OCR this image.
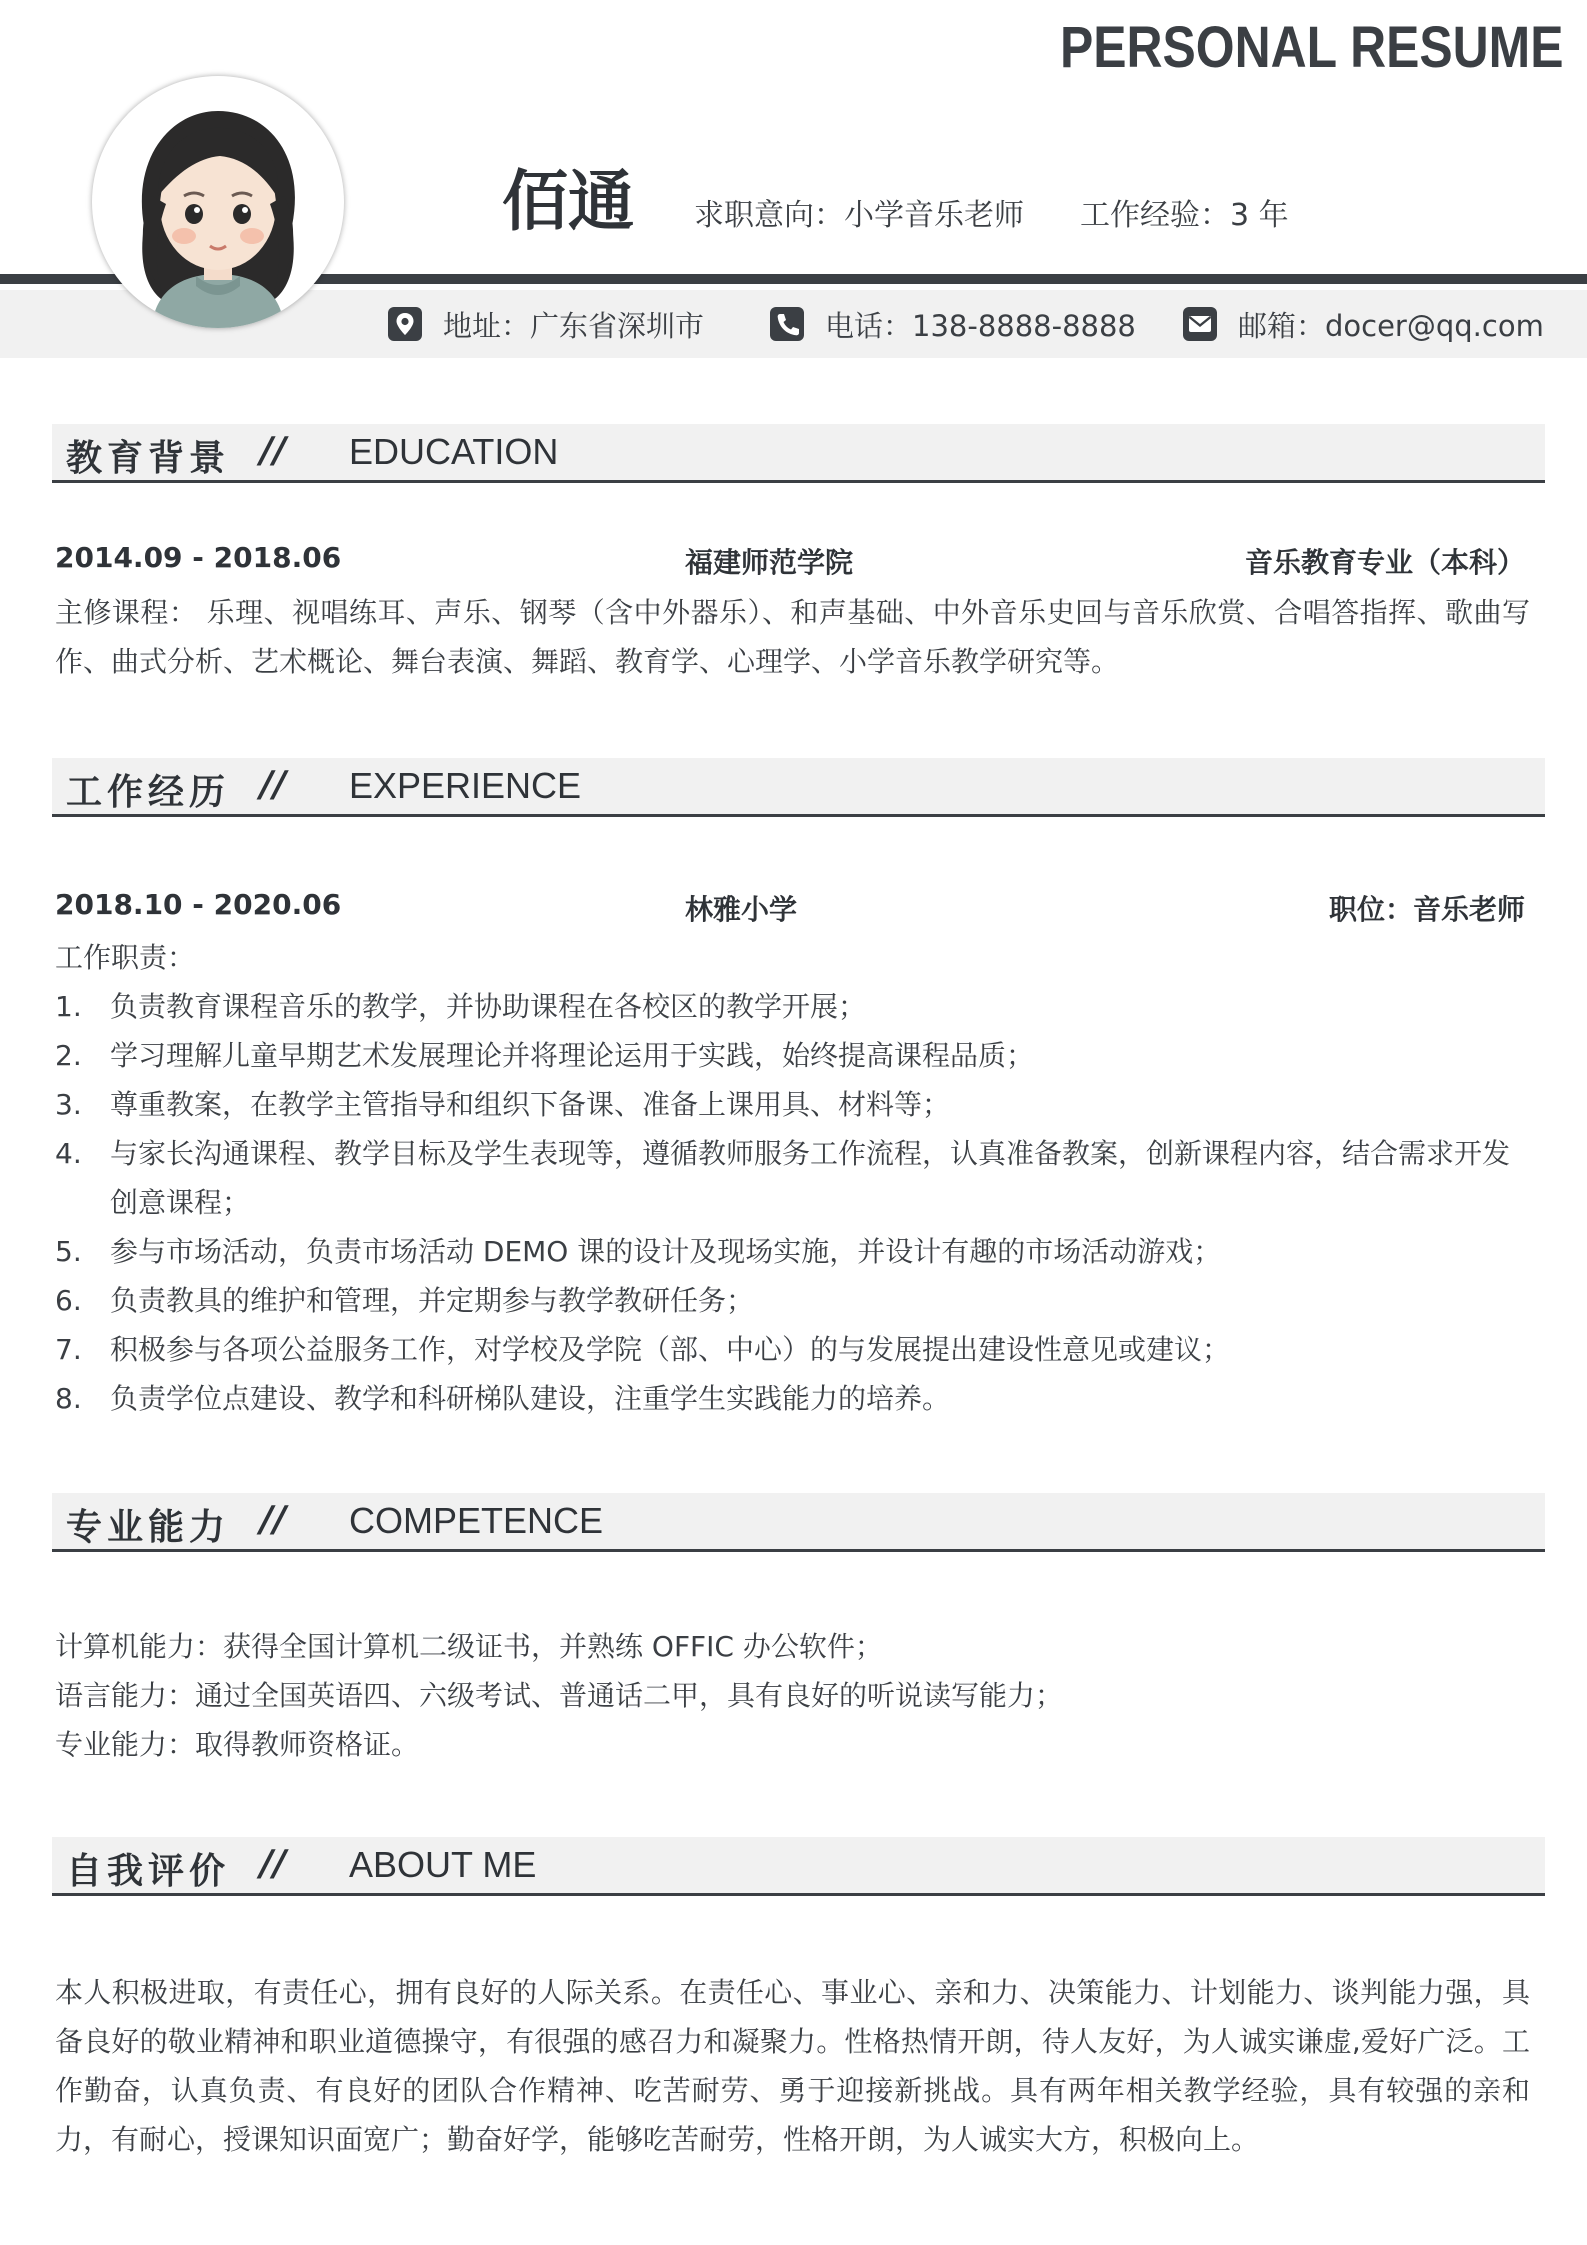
PERSONAL RESUME
佰通 求职意向：小学音乐老师 工作经验：3 年
地址：广东省深圳市	电话：138-8888-8888	邮箱：docer@qq.com
教育背景 // EDUCATION
2014.09 - 2018.06	福建师范学院	音乐教育专业（本科）
主修课程： 乐理、视唱练耳、声乐、钢琴（含中外器乐）、和声基础、中外音乐史回与音乐欣赏、合唱答指挥、歌曲写作、曲式分析、艺术概论、舞台表演、舞蹈、教育学、心理学、小学音乐教学研究等。
工作经历 // EXPERIENCE
2018.10 - 2020.06	林雅小学	职位：音乐老师
工作职责：
1.	负责教育课程音乐的教学，并协助课程在各校区的教学开展；
2.	学习理解儿童早期艺术发展理论并将理论运用于实践，始终提高课程品质；
3.	尊重教案，在教学主管指导和组织下备课、准备上课用具、材料等；
4.	与家长沟通课程、教学目标及学生表现等，遵循教师服务工作流程，认真准备教案，创新课程内容，结合需求开发创意课程；
5.	参与市场活动，负责市场活动 DEMO 课的设计及现场实施，并设计有趣的市场活动游戏；
6.	负责教具的维护和管理，并定期参与教学教研任务；
7.	积极参与各项公益服务工作，对学校及学院（部、中心）的与发展提出建设性意见或建议；
8.	负责学位点建设、教学和科研梯队建设，注重学生实践能力的培养。
专业能力 // COMPETENCE
计算机能力：获得全国计算机二级证书，并熟练 OFFIC 办公软件；
语言能力：通过全国英语四、六级考试、普通话二甲，具有良好的听说读写能力；
专业能力：取得教师资格证。
自我评价 // ABOUT ME
本人积极进取，有责任心，拥有良好的人际关系。在责任心、事业心、亲和力、决策能力、计划能力、谈判能力强，具备良好的敬业精神和职业道德操守，有很强的感召力和凝聚力。性格热情开朗，待人友好，为人诚实谦虚,爱好广泛。工作勤奋，认真负责、有良好的团队合作精神、吃苦耐劳、勇于迎接新挑战。具有两年相关教学经验，具有较强的亲和力，有耐心，授课知识面宽广；勤奋好学，能够吃苦耐劳，性格开朗，为人诚实大方，积极向上。
